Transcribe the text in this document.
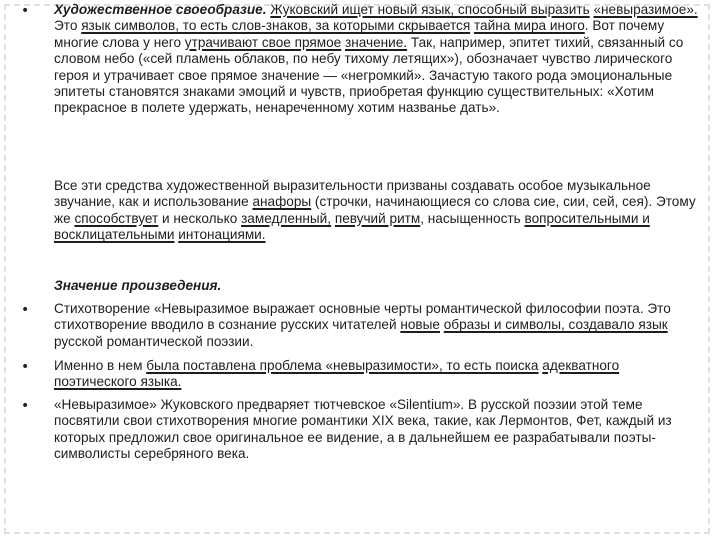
• Художественное своеобразие. Жуковский ищет новый язык, способный выразить «невыразимое». Это язык символов, то есть слов-знаков, за которыми скрывается тайна мира иного. Вот почему многие слова у него утрачивают свое прямое значение. Так, например, эпитет тихий, связанный со словом небо («сей пламень облаков, по небу тихому летящих»), обозначает чувство лирического героя и утрачивает свое прямое значение — «негромкий». Зачастую такого рода эмоциональные эпитеты становятся знаками эмоций и чувств, приобретая функцию существительных: «Хотим прекрасное в полете удержать, ненареченному хотим названье дать».

Все эти средства художественной выразительности призваны создавать особое музыкальное звучание, как и использование анафоры (строчки, начинающиеся со слова сие, сии, сей, сея). Этому же способствует и несколько замедленный, певучий ритм, насыщенность вопросительными и восклицательными интонациями.

Значение произведения.

• Стихотворение «Невыразимое выражает основные черты романтической философии поэта. Это стихотворение вводило в сознание русских читателей новые образы и символы, создавало язык русской романтической поэзии.

• Именно в нем была поставлена проблема «невыразимости», то есть поиска адекватного поэтического языка.

• «Невыразимое» Жуковского предваряет тютчевское «Silentium». В русской поэзии этой теме посвятили свои стихотворения многие романтики XIX века, такие, как Лермонтов, Фет, каждый из которых предложил свое оригинальное ее видение, а в дальнейшем ее разрабатывали поэты-символисты серебряного века.
